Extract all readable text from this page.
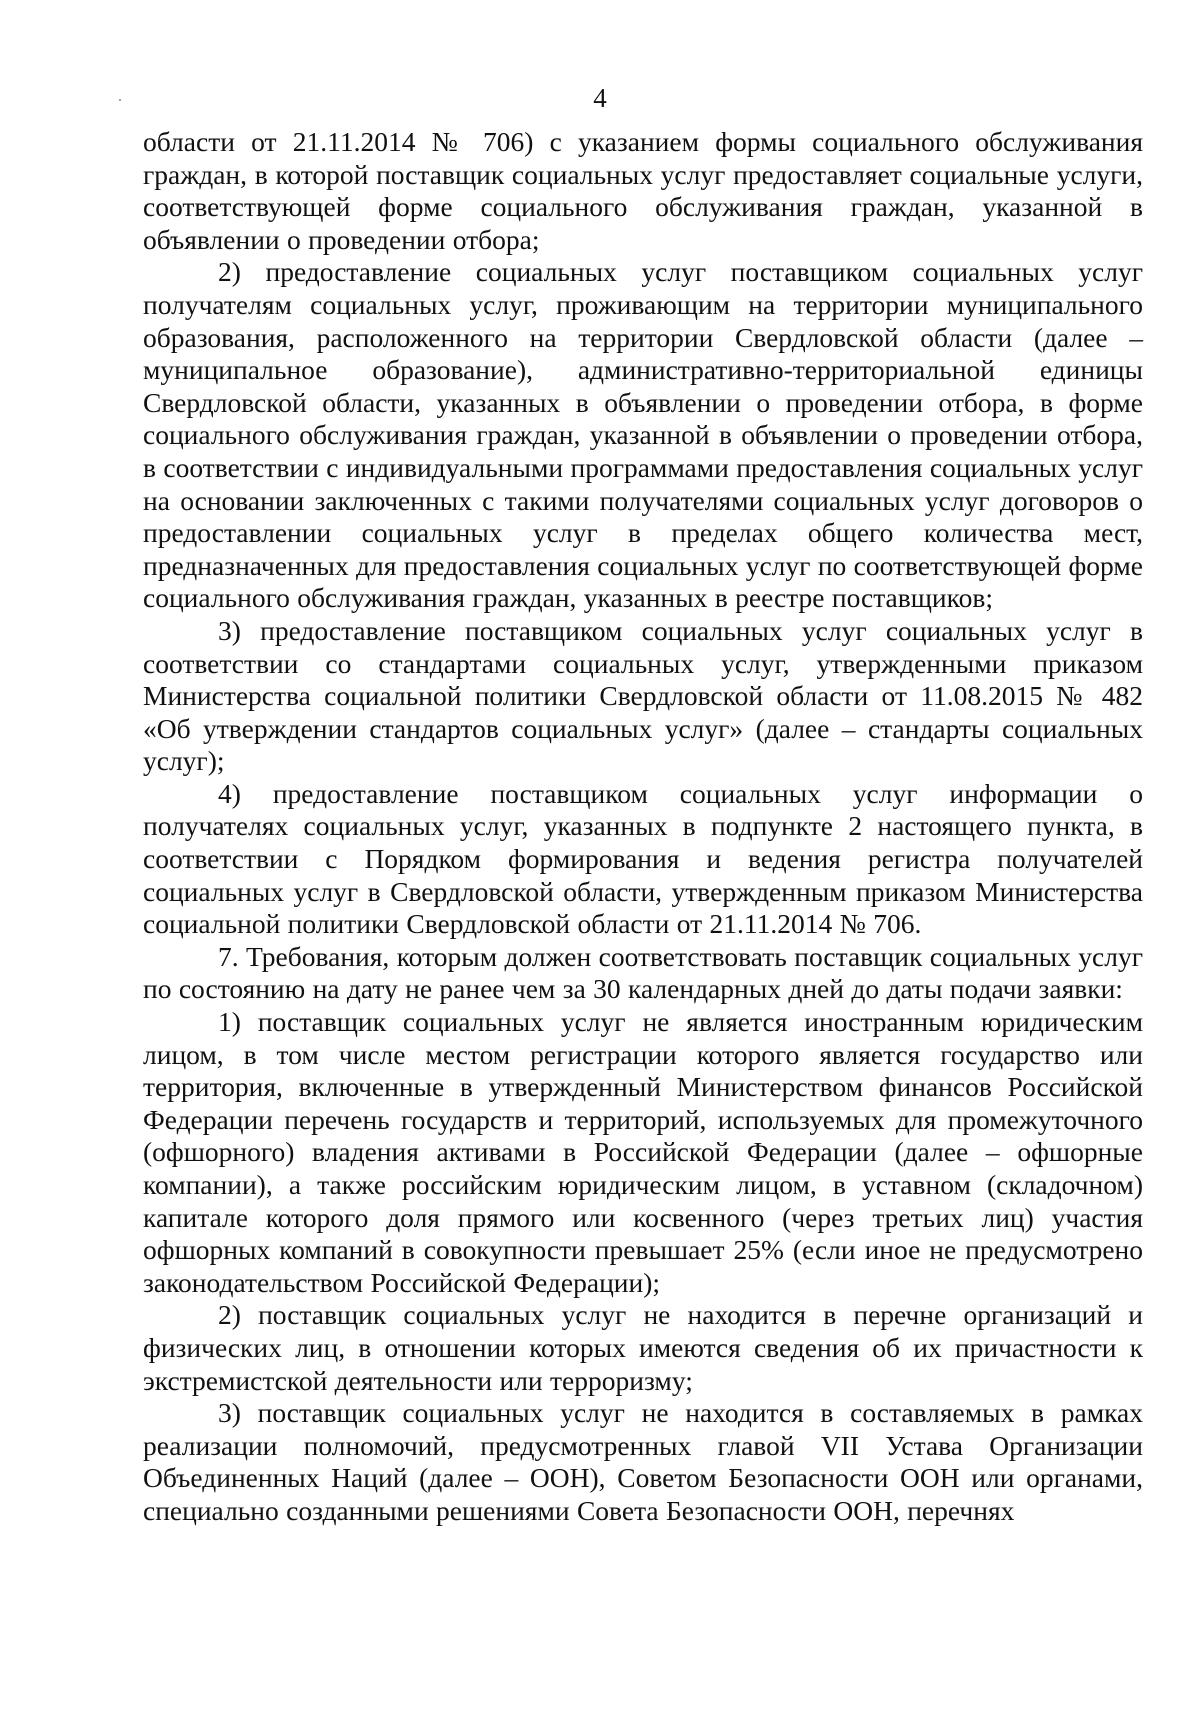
4

области от 21.11.2014 № 706) с указанием формы социального обслуживания граждан, в которой поставщик социальных услуг предоставляет социальные услуги, соответствующей форме социального обслуживания граждан, указанной в объявлении о проведении отбора;

2) предоставление социальных услуг поставщиком социальных услуг получателям социальных услуг, проживающим на территории муниципального образования, расположенного на территории Свердловской области (далее – муниципальное образование), административно-территориальной единицы Свердловской области, указанных в объявлении о проведении отбора, в форме социального обслуживания граждан, указанной в объявлении о проведении отбора, в соответствии с индивидуальными программами предоставления социальных услуг на основании заключенных с такими получателями социальных услуг договоров о предоставлении социальных услуг в пределах общего количества мест, предназначенных для предоставления социальных услуг по соответствующей форме социального обслуживания граждан, указанных в реестре поставщиков;

3) предоставление поставщиком социальных услуг социальных услуг в соответствии со стандартами социальных услуг, утвержденными приказом Министерства социальной политики Свердловской области от 11.08.2015 № 482 «Об утверждении стандартов социальных услуг» (далее – стандарты социальных услуг);

4) предоставление поставщиком социальных услуг информации о получателях социальных услуг, указанных в подпункте 2 настоящего пункта, в соответствии с Порядком формирования и ведения регистра получателей социальных услуг в Свердловской области, утвержденным приказом Министерства социальной политики Свердловской области от 21.11.2014 № 706.

7. Требования, которым должен соответствовать поставщик социальных услуг по состоянию на дату не ранее чем за 30 календарных дней до даты подачи заявки:

1) поставщик социальных услуг не является иностранным юридическим лицом, в том числе местом регистрации которого является государство или территория, включенные в утвержденный Министерством финансов Российской Федерации перечень государств и территорий, используемых для промежуточного (офшорного) владения активами в Российской Федерации (далее – офшорные компании), а также российским юридическим лицом, в уставном (складочном) капитале которого доля прямого или косвенного (через третьих лиц) участия офшорных компаний в совокупности превышает 25% (если иное не предусмотрено законодательством Российской Федерации);

2) поставщик социальных услуг не находится в перечне организаций и физических лиц, в отношении которых имеются сведения об их причастности к экстремистской деятельности или терроризму;

3) поставщик социальных услуг не находится в составляемых в рамках реализации полномочий, предусмотренных главой VII Устава Организации Объединенных Наций (далее – ООН), Советом Безопасности ООН или органами, специально созданными решениями Совета Безопасности ООН, перечнях
